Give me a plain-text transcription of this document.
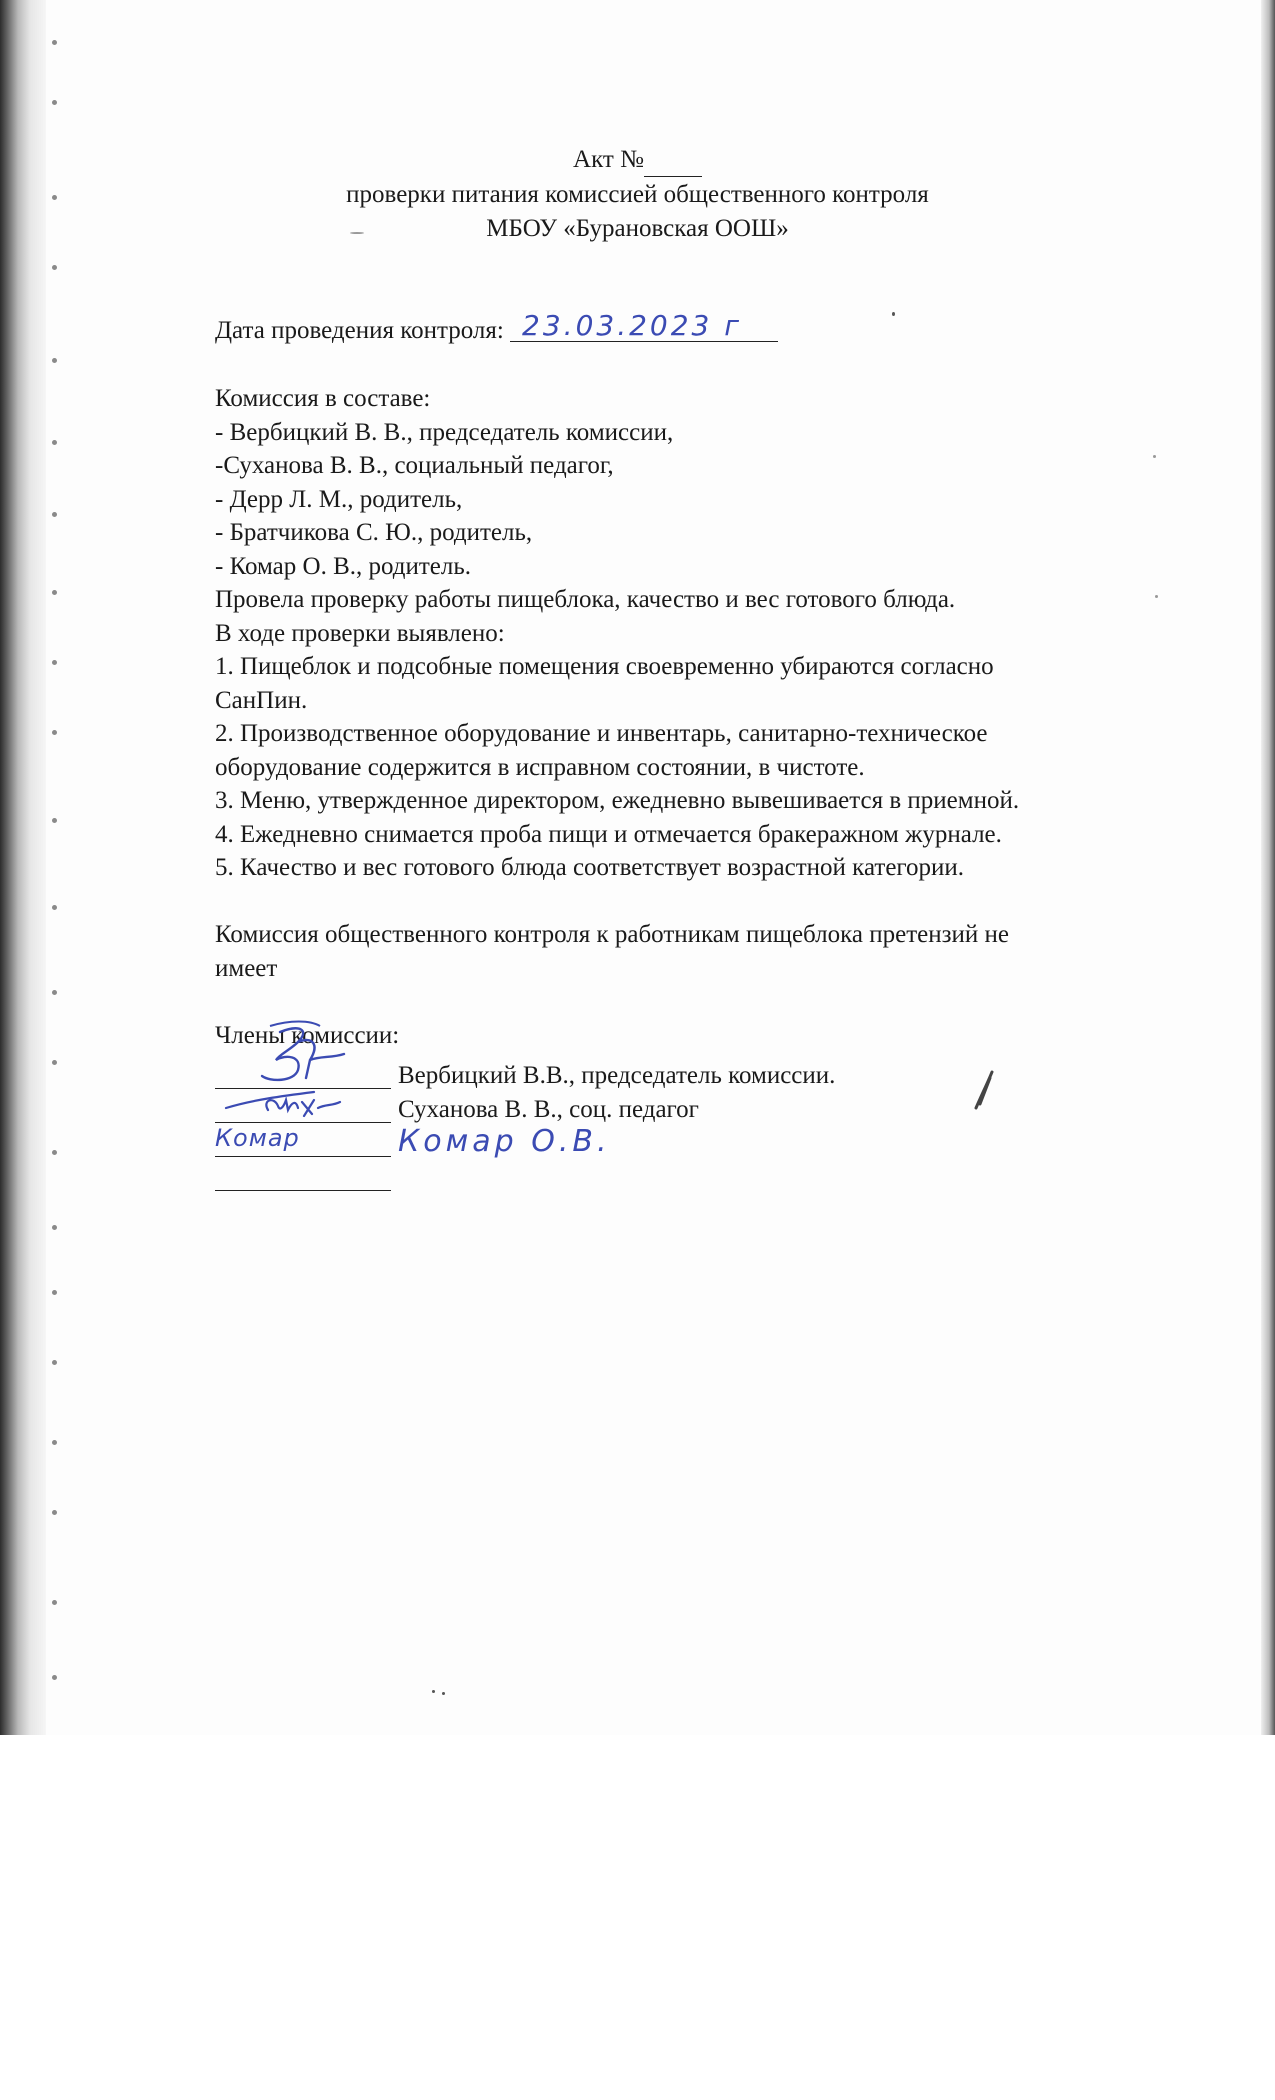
Акт №
проверки питания комиссией общественного контроля
МБОУ «Бурановская ООШ»
Дата проведения контроля: 23.03.2023 г
Комиссия в составе:
- Вербицкий В. В., председатель комиссии,
-Суханова В. В., социальный педагог,
- Дерр Л. М., родитель,
- Братчикова С. Ю., родитель,
- Комар О. В., родитель.
Провела проверку работы пищеблока, качество и вес готового блюда.
В ходе проверки выявлено:
1. Пищеблок и подсобные помещения своевременно убираются согласно
СанПин.
2. Производственное оборудование и инвентарь, санитарно-техническое
оборудование содержится в исправном состоянии, в чистоте.
3. Меню, утвержденное директором, ежедневно вывешивается в приемной.
4. Ежедневно снимается проба пищи и отмечается бракеражном журнале.
5. Качество и вес готового блюда соответствует возрастной категории.
Комиссия общественного контроля к работникам пищеблока претензий не
имеет
Члены комиссии:
Вербицкий В.В., председатель комиссии.
Суханова В. В., соц. педагог
Комар	Комар О.В.
